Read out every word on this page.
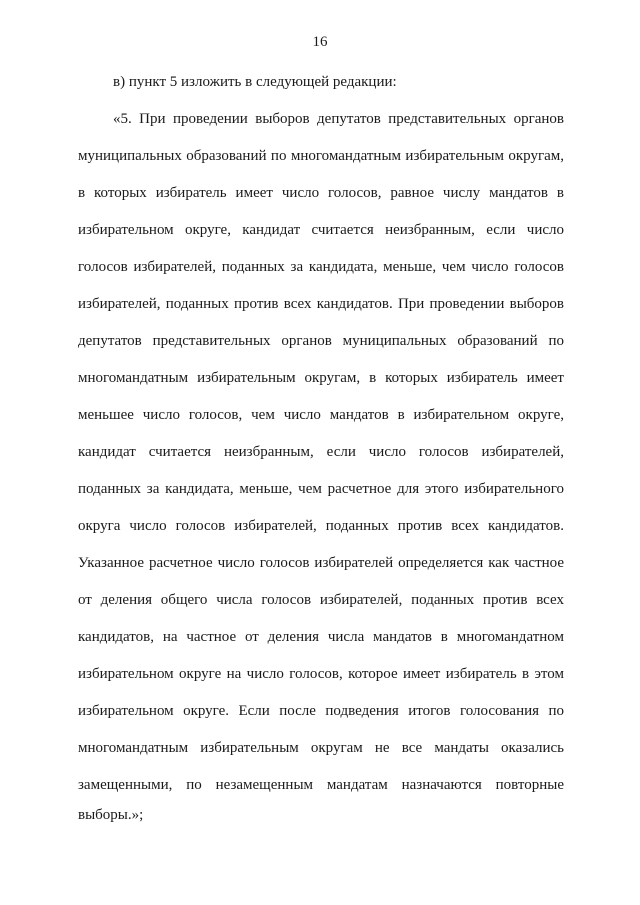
16
в) пункт 5 изложить в следующей редакции:
«5. При проведении выборов депутатов представительных органов
муниципальных образований по многомандатным избирательным округам,
в которых избиратель имеет число голосов, равное числу мандатов в
избирательном округе, кандидат считается неизбранным, если число
голосов избирателей, поданных за кандидата, меньше, чем число голосов
избирателей, поданных против всех кандидатов. При проведении выборов
депутатов представительных органов муниципальных образований по
многомандатным избирательным округам, в которых избиратель имеет
меньшее число голосов, чем число мандатов в избирательном округе,
кандидат считается неизбранным, если число голосов избирателей,
поданных за кандидата, меньше, чем расчетное для этого избирательного
округа число голосов избирателей, поданных против всех кандидатов.
Указанное расчетное число голосов избирателей определяется как частное
от деления общего числа голосов избирателей, поданных против всех
кандидатов, на частное от деления числа мандатов в многомандатном
избирательном округе на число голосов, которое имеет избиратель в этом
избирательном округе. Если после подведения итогов голосования по
многомандатным избирательным округам не все мандаты оказались
замещенными, по незамещенным мандатам назначаются повторные
выборы.»;
